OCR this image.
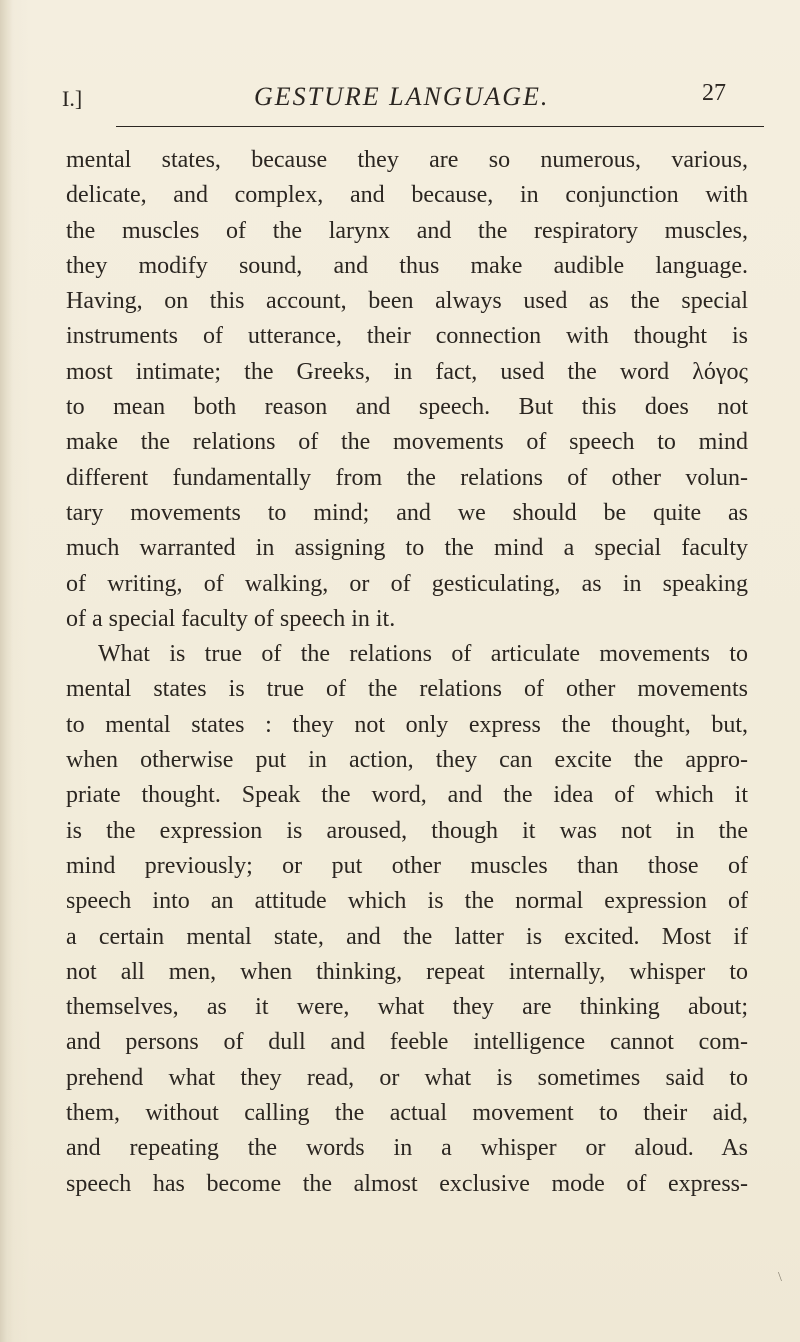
I.]	GESTURE LANGUAGE.	27
mental states, because they are so numerous, various,
delicate, and complex, and because, in conjunction with
the muscles of the larynx and the respiratory muscles,
they modify sound, and thus make audible language.
Having, on this account, been always used as the special
instruments of utterance, their connection with thought is
most intimate; the Greeks, in fact, used the word λόγος
to mean both reason and speech. But this does not
make the relations of the movements of speech to mind
different fundamentally from the relations of other volun-
tary movements to mind; and we should be quite as
much warranted in assigning to the mind a special faculty
of writing, of walking, or of gesticulating, as in speaking
of a special faculty of speech in it.
What is true of the relations of articulate movements to
mental states is true of the relations of other movements
to mental states : they not only express the thought, but,
when otherwise put in action, they can excite the appro-
priate thought. Speak the word, and the idea of which it
is the expression is aroused, though it was not in the
mind previously; or put other muscles than those of
speech into an attitude which is the normal expression of
a certain mental state, and the latter is excited. Most if
not all men, when thinking, repeat internally, whisper to
themselves, as it were, what they are thinking about;
and persons of dull and feeble intelligence cannot com-
prehend what they read, or what is sometimes said to
them, without calling the actual movement to their aid,
and repeating the words in a whisper or aloud. As
speech has become the almost exclusive mode of express-
\
